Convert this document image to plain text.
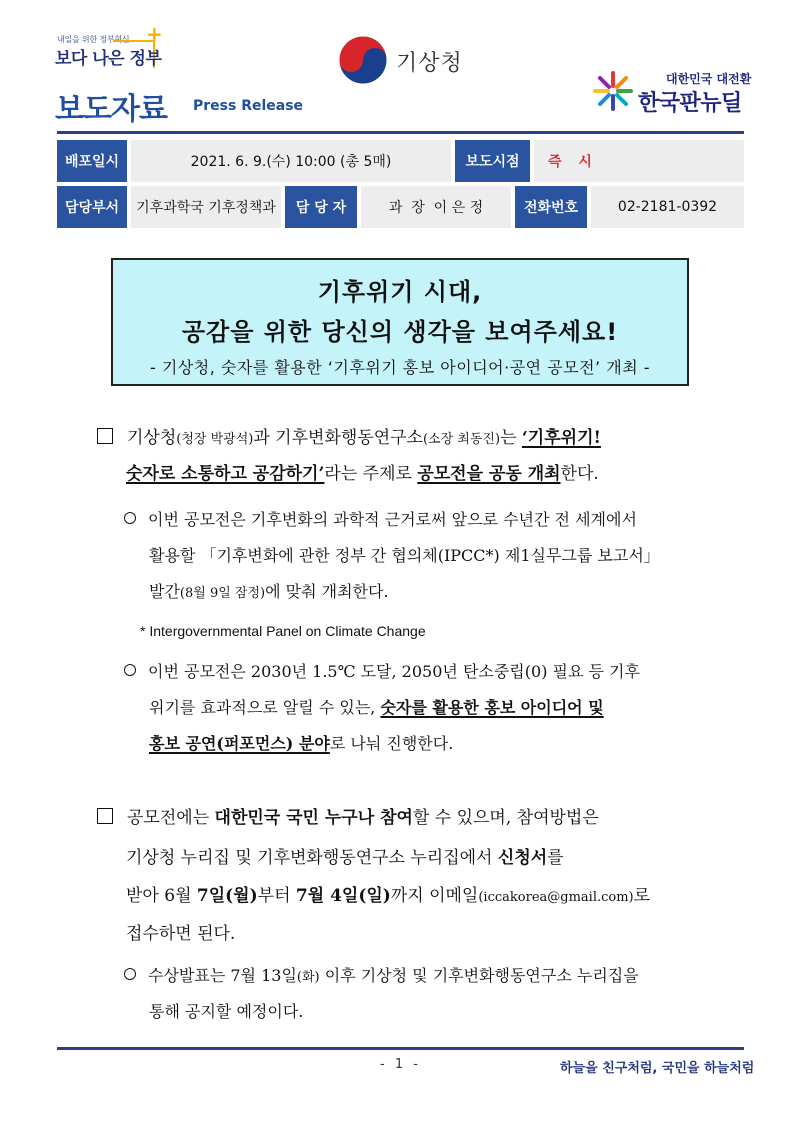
내일을 위한 정부혁신 +
보다 나은 정부
보도자료 Press Release
기상청
대한민국 대전환
한국판뉴딜
배포일시	2021. 6. 9.(수) 10:00 (총 5매)	보도시점	즉 시
담당부서	기후과학국 기후정책과	담 당 자	과  장  이 은 정	전화번호	02-2181-0392
기후위기 시대,
공감을 위한 당신의 생각을 보여주세요!
- 기상청, 숫자를 활용한 ‘기후위기 홍보 아이디어·공연 공모전’ 개최 -
기상청(청장 박광석)과 기후변화행동연구소(소장 최동진)는 ‘기후위기!
숫자로 소통하고 공감하기’라는 주제로 공모전을 공동 개최한다.
이번 공모전은 기후변화의 과학적 근거로써 앞으로 수년간 전 세계에서
활용할 「기후변화에 관한 정부 간 협의체(IPCC*) 제1실무그룹 보고서」
발간(8월 9일 잠정)에 맞춰 개최한다.
* Intergovernmental Panel on Climate Change
이번 공모전은 2030년 1.5℃ 도달, 2050년 탄소중립(0) 필요 등 기후
위기를 효과적으로 알릴 수 있는, 숫자를 활용한 홍보 아이디어 및
홍보 공연(퍼포먼스) 분야로 나눠 진행한다.
공모전에는 대한민국 국민 누구나 참여할 수 있으며, 참여방법은
기상청 누리집 및 기후변화행동연구소 누리집에서 신청서를
받아 6월 7일(월)부터 7월 4일(일)까지 이메일(iccakorea@gmail.com)로
접수하면 된다.
수상발표는 7월 13일(화) 이후 기상청 및 기후변화행동연구소 누리집을
통해 공지할 예정이다.
- 1 -	하늘을 친구처럼, 국민을 하늘처럼
